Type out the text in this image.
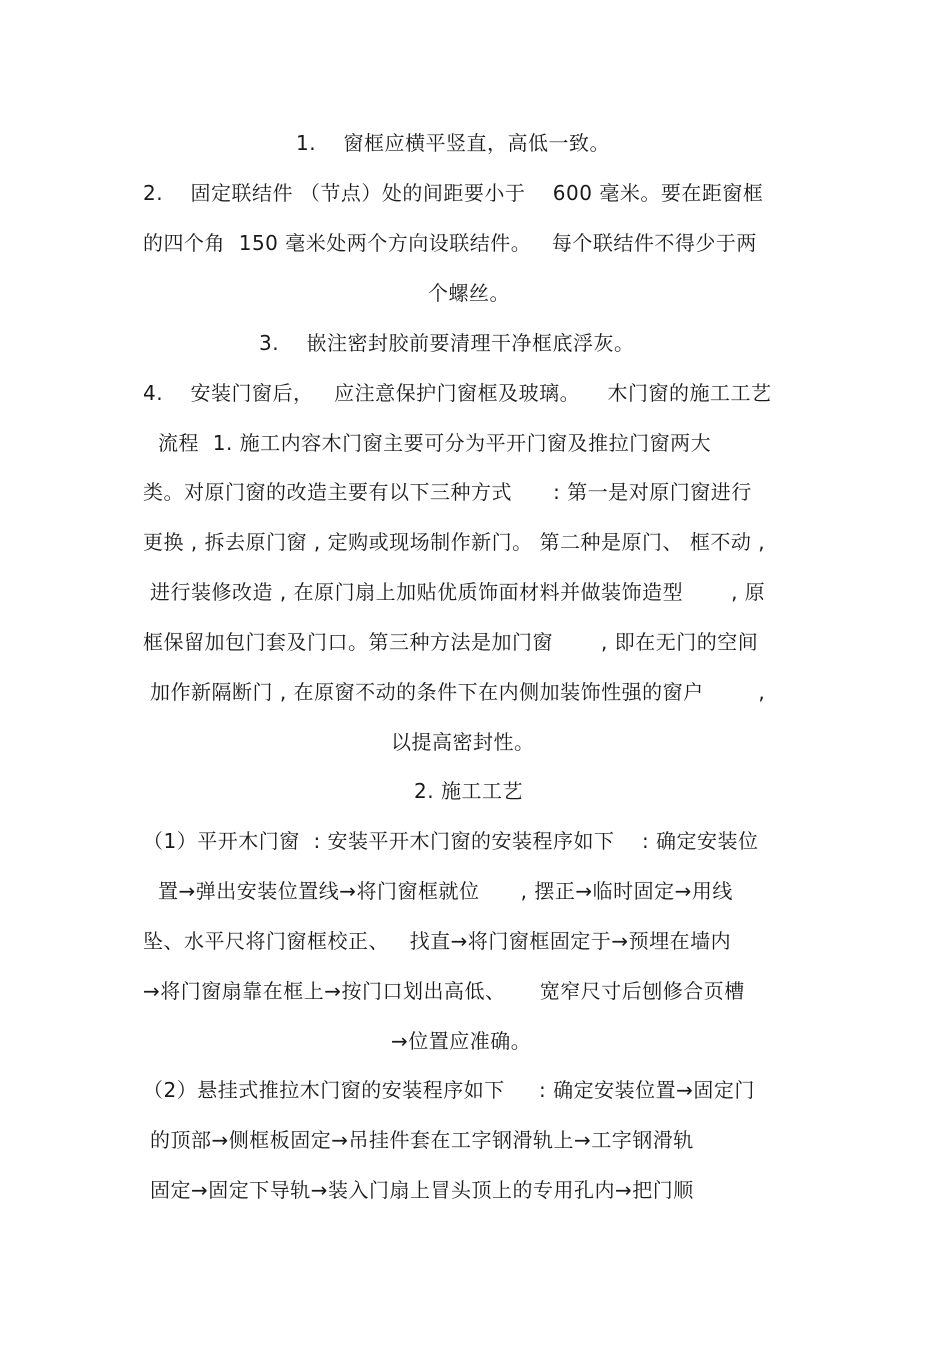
1.    窗框应横平竖直，高低一致。
2.    固定联结件 （节点）处的间距要小于    600 毫米。要在距窗框
的四个角  150 毫米处两个方向设联结件。   每个联结件不得少于两
个螺丝。
3.    嵌注密封胶前要清理干净框底浮灰。
4.    安装门窗后，   应注意保护门窗框及玻璃。    木门窗的施工工艺
流程  1. 施工内容木门窗主要可分为平开门窗及推拉门窗两大
类。对原门窗的改造主要有以下三种方式      : 第一是对原门窗进行
更换 , 拆去原门窗 , 定购或现场制作新门。 第二种是原门、 框不动 ,
进行装修改造 , 在原门扇上加贴优质饰面材料并做装饰造型       , 原
框保留加包门套及门口。第三种方法是加门窗       , 即在无门的空间
加作新隔断门 , 在原窗不动的条件下在内侧加装饰性强的窗户        ,
以提高密封性。
2. 施工工艺
（1）平开木门窗  : 安装平开木门窗的安装程序如下    : 确定安装位
置→弹出安装位置线→将门窗框就位      , 摆正→临时固定→用线
坠、水平尺将门窗框校正、   找直→将门窗框固定于→预埋在墙内
→将门窗扇靠在框上→按门口划出高低、     宽窄尺寸后刨修合页槽
→位置应准确。
（2）悬挂式推拉木门窗的安装程序如下     : 确定安装位置→固定门
的顶部→侧框板固定→吊挂件套在工字钢滑轨上→工字钢滑轨
固定→固定下导轨→装入门扇上冒头顶上的专用孔内→把门顺
